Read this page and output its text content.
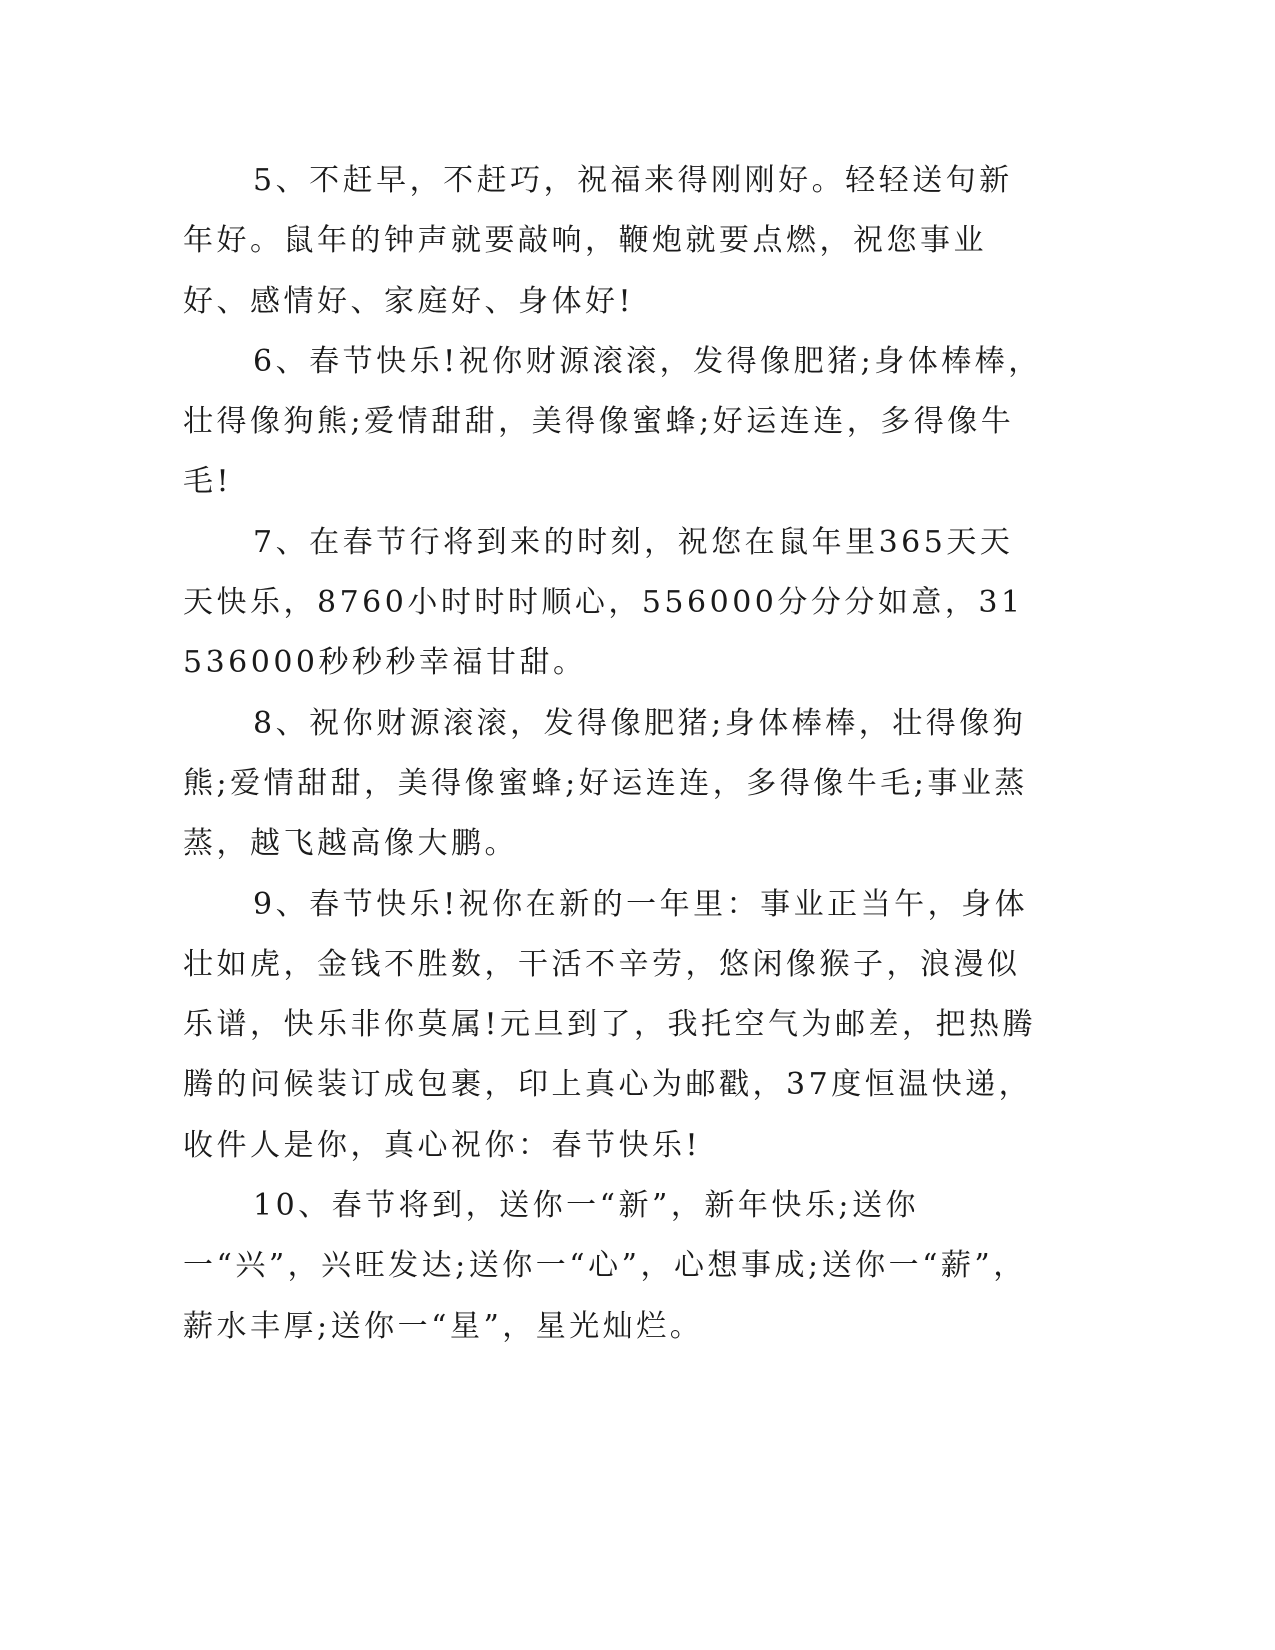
5、不赶早，不赶巧，祝福来得刚刚好。轻轻送句新年好。鼠年的钟声就要敲响，鞭炮就要点燃，祝您事业好、感情好、家庭好、身体好!

6、春节快乐!祝你财源滚滚，发得像肥猪;身体棒棒，壮得像狗熊;爱情甜甜，美得像蜜蜂;好运连连，多得像牛毛!

7、在春节行将到来的时刻，祝您在鼠年里365天天天快乐，8760小时时时顺心，556000分分分如意，31536000秒秒秒幸福甘甜。

8、祝你财源滚滚，发得像肥猪;身体棒棒，壮得像狗熊;爱情甜甜，美得像蜜蜂;好运连连，多得像牛毛;事业蒸蒸，越飞越高像大鹏。

9、春节快乐!祝你在新的一年里：事业正当午，身体壮如虎，金钱不胜数，干活不辛劳，悠闲像猴子，浪漫似乐谱，快乐非你莫属!元旦到了，我托空气为邮差，把热腾腾的问候装订成包裹，印上真心为邮戳，37度恒温快递，收件人是你，真心祝你：春节快乐!

10、春节将到，送你一“新”，新年快乐;送你一“兴”，兴旺发达;送你一“心”，心想事成;送你一“薪”，薪水丰厚;送你一“星”，星光灿烂。
